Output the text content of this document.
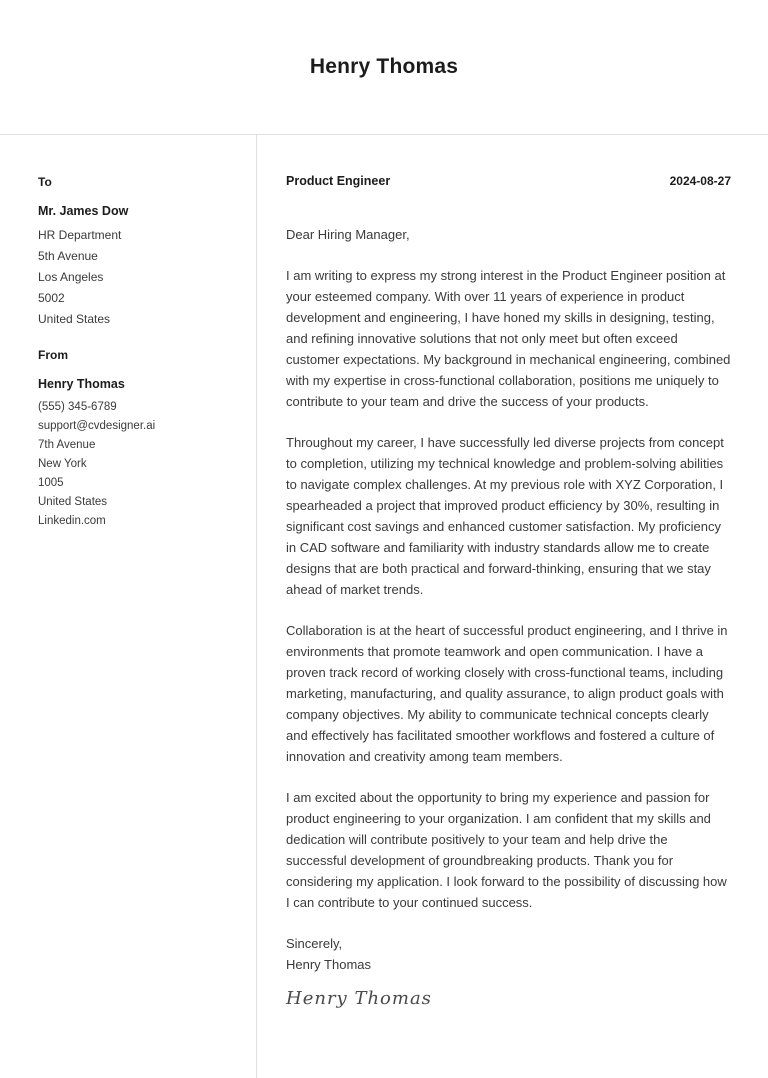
Henry Thomas
To
Mr. James Dow
HR Department
5th Avenue
Los Angeles
5002
United States
From
Henry Thomas
(555) 345-6789
support@cvdesigner.ai
7th Avenue
New York
1005
United States
Linkedin.com
Product Engineer	2024-08-27

Dear Hiring Manager,

I am writing to express my strong interest in the Product Engineer position at your esteemed company. With over 11 years of experience in product development and engineering, I have honed my skills in designing, testing, and refining innovative solutions that not only meet but often exceed customer expectations. My background in mechanical engineering, combined with my expertise in cross-functional collaboration, positions me uniquely to contribute to your team and drive the success of your products.

Throughout my career, I have successfully led diverse projects from concept to completion, utilizing my technical knowledge and problem-solving abilities to navigate complex challenges. At my previous role with XYZ Corporation, I spearheaded a project that improved product efficiency by 30%, resulting in significant cost savings and enhanced customer satisfaction. My proficiency in CAD software and familiarity with industry standards allow me to create designs that are both practical and forward-thinking, ensuring that we stay ahead of market trends.

Collaboration is at the heart of successful product engineering, and I thrive in environments that promote teamwork and open communication. I have a proven track record of working closely with cross-functional teams, including marketing, manufacturing, and quality assurance, to align product goals with company objectives. My ability to communicate technical concepts clearly and effectively has facilitated smoother workflows and fostered a culture of innovation and creativity among team members.

I am excited about the opportunity to bring my experience and passion for product engineering to your organization. I am confident that my skills and dedication will contribute positively to your team and help drive the successful development of groundbreaking products. Thank you for considering my application. I look forward to the possibility of discussing how I can contribute to your continued success.

Sincerely,
Henry Thomas

Henry Thomas
